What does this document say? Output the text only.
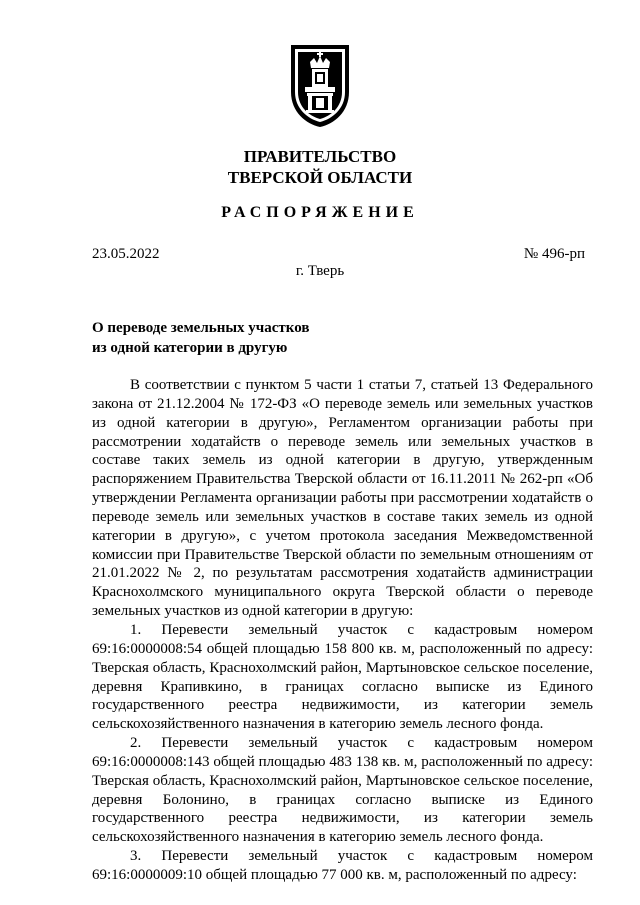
ПРАВИТЕЛЬСТВО
ТВЕРСКОЙ ОБЛАСТИ
РАСПОРЯЖЕНИЕ
23.05.2022	№ 496-рп
г. Тверь
О переводе земельных участков
из одной категории в другую

В соответствии с пунктом 5 части 1 статьи 7, статьей 13 Федерального закона от 21.12.2004 № 172-ФЗ «О переводе земель или земельных участков из одной категории в другую», Регламентом организации работы при рассмотрении ходатайств о переводе земель или земельных участков в составе таких земель из одной категории в другую, утвержденным распоряжением Правительства Тверской области от 16.11.2011 № 262-рп «Об утверждении Регламента организации работы при рассмотрении ходатайств о переводе земель или земельных участков в составе таких земель из одной категории в другую», с учетом протокола заседания Межведомственной комиссии при Правительстве Тверской области по земельным отношениям от 21.01.2022 № 2, по результатам рассмотрения ходатайств администрации Краснохолмского муниципального округа Тверской области о переводе земельных участков из одной категории в другую:

1. Перевести земельный участок с кадастровым номером 69:16:0000008:54 общей площадью 158 800 кв. м, расположенный по адресу: Тверская область, Краснохолмский район, Мартыновское сельское поселение, деревня Крапивкино, в границах согласно выписке из Единого государственного реестра недвижимости, из категории земель сельскохозяйственного назначения в категорию земель лесного фонда.

2. Перевести земельный участок с кадастровым номером 69:16:0000008:143 общей площадью 483 138 кв. м, расположенный по адресу: Тверская область, Краснохолмский район, Мартыновское сельское поселение, деревня Болонино, в границах согласно выписке из Единого государственного реестра недвижимости, из категории земель сельскохозяйственного назначения в категорию земель лесного фонда.

3. Перевести земельный участок с кадастровым номером 69:16:0000009:10 общей площадью 77 000 кв. м, расположенный по адресу:
